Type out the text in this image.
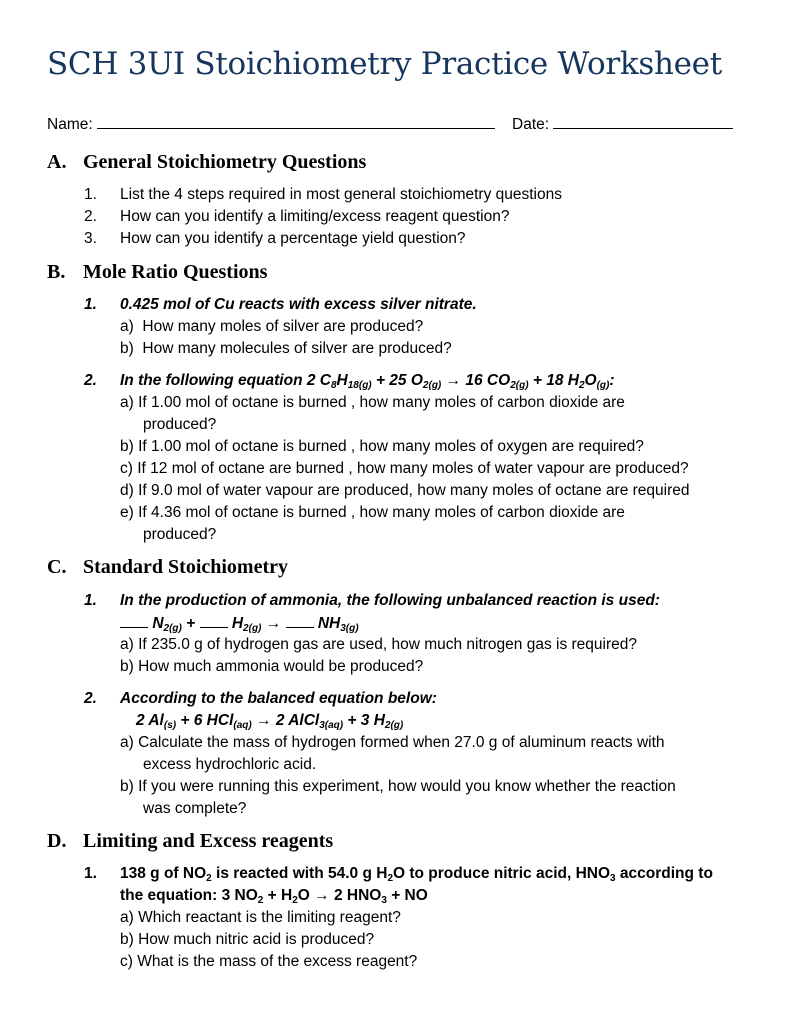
SCH 3UI Stoichiometry Practice Worksheet
Name:	Date:
A. General Stoichiometry Questions
1. List the 4 steps required in most general stoichiometry questions
2. How can you identify a limiting/excess reagent question?
3. How can you identify a percentage yield question?
B. Mole Ratio Questions
1. 0.425 mol of Cu reacts with excess silver nitrate.
a) How many moles of silver are produced?
b) How many molecules of silver are produced?
2. In the following equation 2 $C_8H_{18(g)} + 25$ $O_{2(g)} \to 16$ $CO_{2(g)} + 18$ $H_2O_{(g)}$:
a) If 1.00 mol of octane is burned , how many moles of carbon dioxide are
produced?
b) If 1.00 mol of octane is burned , how many moles of oxygen are required?
c) If 12 mol of octane are burned , how many moles of water vapour are produced?
d) If 9.0 mol of water vapour are produced, how many moles of octane are required
e) If 4.36 mol of octane is burned , how many moles of carbon dioxide are
produced?
C. Standard Stoichiometry
1. In the production of ammonia, the following unbalanced reaction is used:
$N_{2(g)} + H_{2(g)} \to NH_{3(g)}$
a) If 235.0 g of hydrogen gas are used, how much nitrogen gas is required?
b) How much ammonia would be produced?
2. According to the balanced equation below:
2 $Al_{(s)} + 6$ HCl$_{(aq)}$ → 2 AlCl$_{3(aq)}$ + 3 $H_{2(g)}$
a) Calculate the mass of hydrogen formed when 27.0 g of aluminum reacts with
excess hydrochloric acid.
b) If you were running this experiment, how would you know whether the reaction
was complete?
D. Limiting and Excess reagents
1. 138 g of $NO_2$ is reacted with 54.0 g $H_2O$ to produce nitric acid, $HNO_3$ according to
the equation: 3 $NO_2 + H_2O \to 2$ $HNO_3$ + NO
a) Which reactant is the limiting reagent?
b) How much nitric acid is produced?
c) What is the mass of the excess reagent?
